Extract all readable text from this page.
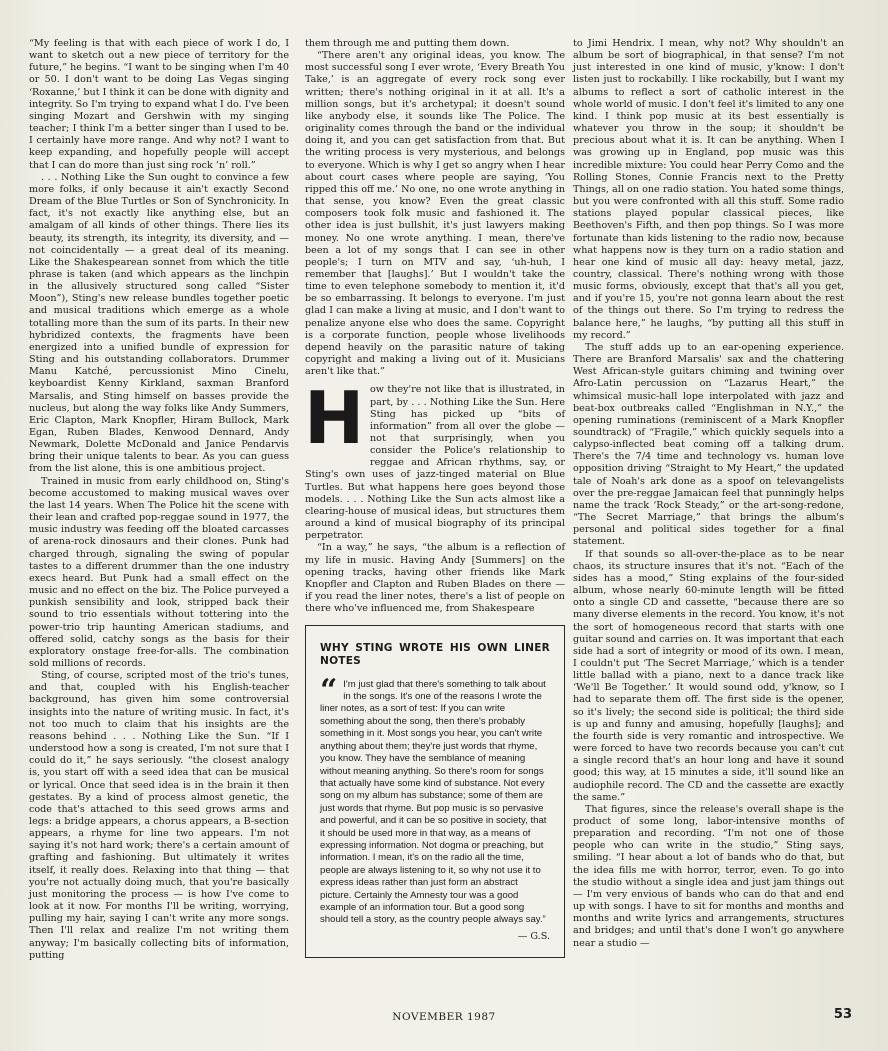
“My feeling is that with each piece of work I do, I want to sketch out a new piece of territory for the future,” he begins. “I want to be singing when I'm 40 or 50. I don't want to be doing Las Vegas singing ‘Roxanne,’ but I think it can be done with dignity and integrity. So I'm trying to expand what I do. I've been singing Mozart and Gershwin with my singing teacher; I think I'm a better singer than I used to be. I certainly have more range. And why not? I want to keep expanding, and hopefully people will accept that I can do more than just sing rock ’n’ roll.”

. . . Nothing Like the Sun ought to convince a few more folks, if only because it ain't exactly Second Dream of the Blue Turtles or Son of Synchronicity. In fact, it's not exactly like anything else, but an amalgam of all kinds of other things. There lies its beauty, its strength, its integrity, its diversity, and — not coincidentally — a great deal of its meaning. Like the Shakespearean sonnet from which the title phrase is taken (and which appears as the linchpin in the allusively structured song called “Sister Moon”), Sting's new release bundles together poetic and musical traditions which emerge as a whole totalling more than the sum of its parts. In their new hybridized contexts, the fragments have been energized into a unified bundle of expression for Sting and his outstanding collaborators. Drummer Manu Katché, percussionist Mino Cinelu, keyboardist Kenny Kirkland, saxman Branford Marsalis, and Sting himself on basses provide the nucleus, but along the way folks like Andy Summers, Eric Clapton, Mark Knopfler, Hiram Bullock, Mark Egan, Ruben Blades, Kenwood Dennard, Andy Newmark, Dolette McDonald and Janice Pendarvis bring their unique talents to bear. As you can guess from the list alone, this is one ambitious project.

Trained in music from early childhood on, Sting's become accustomed to making musical waves over the last 14 years. When The Police hit the scene with their lean and crafted pop-reggae sound in 1977, the music industry was feeding off the bloated carcasses of arena-rock dinosaurs and their clones. Punk had charged through, signaling the swing of popular tastes to a different drummer than the one industry execs heard. But Punk had a small effect on the music and no effect on the biz. The Police purveyed a punkish sensibility and look, stripped back their sound to trio essentials without tottering into the power-trio trip haunting American stadiums, and offered solid, catchy songs as the basis for their exploratory onstage free-for-alls. The combination sold millions of records.

Sting, of course, scripted most of the trio's tunes, and that, coupled with his English-teacher background, has given him some controversial insights into the nature of writing music. In fact, it's not too much to claim that his insights are the reasons behind . . . Nothing Like the Sun. “If I understood how a song is created, I'm not sure that I could do it,” he says seriously. “the closest analogy is, you start off with a seed idea that can be musical or lyrical. Once that seed idea is in the brain it then gestates. By a kind of process almost genetic, the code that's attached to this seed grows arms and legs: a bridge appears, a chorus appears, a B-section appears, a rhyme for line two appears. I'm not saying it's not hard work; there's a certain amount of grafting and fashioning. But ultimately it writes itself, it really does. Relaxing into that thing — that you're not actually doing much, that you're basically just monitoring the process — is how I've come to look at it now. For months I'll be writing, worrying, pulling my hair, saying I can't write any more songs. Then I'll relax and realize I'm not writing them anyway; I'm basically collecting bits of information, putting

them through me and putting them down.

“There aren't any original ideas, you know. The most successful song I ever wrote, ‘Every Breath You Take,’ is an aggregate of every rock song ever written; there's nothing original in it at all. It's a million songs, but it's archetypal; it doesn't sound like anybody else, it sounds like The Police. The originality comes through the band or the individual doing it, and you can get satisfaction from that. But the writing process is very mysterious, and belongs to everyone. Which is why I get so angry when I hear about court cases where people are saying, ‘You ripped this off me.’ No one, no one wrote anything in that sense, you know? Even the great classic composers took folk music and fashioned it. The other idea is just bullshit, it's just lawyers making money. No one wrote anything. I mean, there've been a lot of my songs that I can see in other people's; I turn on MTV and say, ‘uh-huh, I remember that [laughs].’ But I wouldn't take the time to even telephone somebody to mention it, it'd be so embarrassing. It belongs to everyone. I'm just glad I can make a living at music, and I don't want to penalize anyone else who does the same. Copyright is a corporate function, people whose livelihoods depend heavily on the parasitic nature of taking copyright and making a living out of it. Musicians aren't like that.”

H ow they're not like that is illustrated, in part, by . . . Nothing Like the Sun. Here Sting has picked up “bits of information” from all over the globe — not that surprisingly, when you consider the Police's relationship to reggae and African rhythms, say, or Sting's own uses of jazz-tinged material on Blue Turtles. But what happens here goes beyond those models. . . . Nothing Like the Sun acts almost like a clearing-house of musical ideas, but structures them around a kind of musical biography of its principal perpetrator.

“In a way,” he says, “the album is a reflection of my life in music. Having Andy [Summers] on the opening tracks, having other friends like Mark Knopfler and Clapton and Ruben Blades on there — if you read the liner notes, there's a list of people on there who've influenced me, from Shakespeare

WHY STING WROTE HIS OWN LINER NOTES
“ I'm just glad that there's something to talk about in the songs. It's one of the reasons I wrote the liner notes, as a sort of test: If you can write something about the song, then there's probably something in it. Most songs you hear, you can't write anything about them; they're just words that rhyme, you know. They have the semblance of meaning without meaning anything. So there's room for songs that actually have some kind of substance. Not every song on my album has substance; some of them are just words that rhyme. But pop music is so pervasive and powerful, and it can be so positive in society, that it should be used more in that way, as a means of expressing information. Not dogma or preaching, but information. I mean, it's on the radio all the time, people are always listening to it, so why not use it to express ideas rather than just form an abstract picture. Certainly the Amnesty tour was a good example of an information tour. But a good song should tell a story, as the country people always say.”
— G.S.

to Jimi Hendrix. I mean, why not? Why shouldn't an album be sort of biographical, in that sense? I'm not just interested in one kind of music, y'know: I don't listen just to rockabilly. I like rockabilly, but I want my albums to reflect a sort of catholic interest in the whole world of music. I don't feel it's limited to any one kind. I think pop music at its best essentially is whatever you throw in the soup; it shouldn't be precious about what it is. It can be anything. When I was growing up in England, pop music was this incredible mixture: You could hear Perry Como and the Rolling Stones, Connie Francis next to the Pretty Things, all on one radio station. You hated some things, but you were confronted with all this stuff. Some radio stations played popular classical pieces, like Beethoven's Fifth, and then pop things. So I was more fortunate than kids listening to the radio now, because what happens now is they turn on a radio station and hear one kind of music all day: heavy metal, jazz, country, classical. There's nothing wrong with those music forms, obviously, except that that's all you get, and if you're 15, you're not gonna learn about the rest of the things out there. So I'm trying to redress the balance here,” he laughs, “by putting all this stuff in my record.”

The stuff adds up to an ear-opening experience. There are Branford Marsalis' sax and the chattering West African-style guitars chiming and twining over Afro-Latin percussion on “Lazarus Heart,” the whimsical music-hall lope interpolated with jazz and beat-box outbreaks called “Englishman in N.Y.,” the opening ruminations (reminiscent of a Mark Knopfler soundtrack) of “Fragile,” which quickly sequels into a calypso-inflected beat coming off a talking drum. There's the 7/4 time and technology vs. human love opposition driving “Straight to My Heart,” the updated tale of Noah's ark done as a spoof on televangelists over the pre-reggae Jamaican feel that punningly helps name the track ‘Rock Steady,” or the art-song-redone, “The Secret Marriage,” that brings the album's personal and political sides together for a final statement.

If that sounds so all-over-the-place as to be near chaos, its structure insures that it's not. “Each of the sides has a mood,” Sting explains of the four-sided album, whose nearly 60-minute length will be fitted onto a single CD and cassette, “because there are so many diverse elements in the record. You know, it's not the sort of homogeneous record that starts with one guitar sound and carries on. It was important that each side had a sort of integrity or mood of its own. I mean, I couldn't put ‘The Secret Marriage,’ which is a tender little ballad with a piano, next to a dance track like ‘We'll Be Together.’ It would sound odd, y'know, so I had to separate them off. The first side is the opener, so it's lively; the second side is political; the third side is up and funny and amusing, hopefully [laughs]; and the fourth side is very romantic and introspective. We were forced to have two records because you can't cut a single record that's an hour long and have it sound good; this way, at 15 minutes a side, it'll sound like an audiophile record. The CD and the cassette are exactly the same.”

That figures, since the release's overall shape is the product of some long, labor-intensive months of preparation and recording. “I'm not one of those people who can write in the studio,” Sting says, smiling. “I hear about a lot of bands who do that, but the idea fills me with horror, terror, even. To go into the studio without a single idea and just jam things out — I'm very envious of bands who can do that and end up with songs. I have to sit for months and months and months and write lyrics and arrangements, structures and bridges; and until that's done I won't go anywhere near a studio —

NOVEMBER 1987	53
